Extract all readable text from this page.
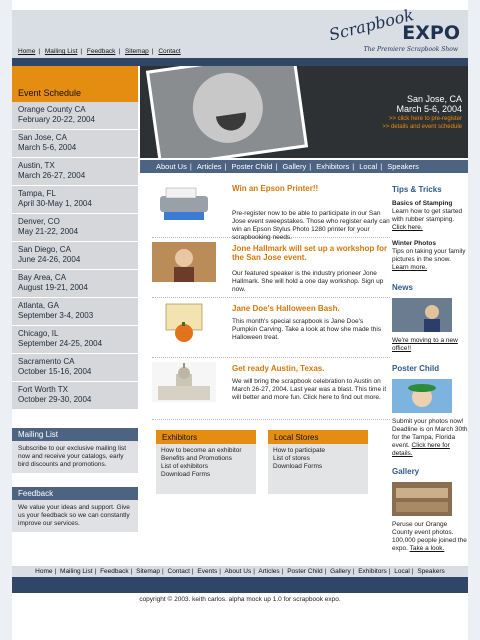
Home | Mailing List | Feedback | Sitemap | Contact
Scrapbook
EXPO
The Premiere Scrapbook Show
Event Schedule
Orange County CA
February 20-22, 2004
San Jose, CA
March 5-6, 2004
Austin, TX
March 26-27, 2004
Tampa, FL
April 30-May 1, 2004
Denver, CO
May 21-22, 2004
San Diego, CA
June 24-26, 2004
Bay Area, CA
August 19-21, 2004
Atlanta, GA
September 3-4, 2003
Chicago, IL
September 24-25, 2004
Sacramento CA
October 15-16, 2004
Fort Worth TX
October 29-30, 2004
Mailing List
Subscribe to our exclusive mailing list now and receive your catalogs, early bird discounts and promotions.
Feedback
We value your ideas and support. Give us your feedback so we can constantly improve our services.
San Jose, CA
March 5-6, 2004
>> click here to pre-register
>> details and event schedule
About Us | Articles | Poster Child | Gallery | Exhibitors | Local | Speakers
Win an Epson Printer!!

Pre-register now to be able to participate in our San Jose event sweepstakes. Those who register early can win an Epson Stylus Photo 1280 printer for your scrapbooking needs.

Jone Hallmark will set up a workshop for the San Jose event.

Our featured speaker is the industry prioneer Jone Hallmark. She will hold a one day workshop. Sign up now.

Jane Doe's Halloween Bash.

This month's special scrapbook is Jane Doe's Pumpkin Carving. Take a look at how she made this Halloween treat.

Get ready Austin, Texas.

We will bring the scrapbook celebration to Austin on March 26-27, 2004. Last year was a blast. This time it will better and more fun. Click here to find out more.

Exhibitors
How to become an exhibitor
Benefits and Promotions
List of exhibitors
Download Forms
Local Stores
How to participate
List of stores
Download Forms
Tips & Tricks
Basics of Stamping
Learn how to get started with rubber stamping. Click here.
Winter Photos
Tips on taking your family pictures in the snow. Learn more.
News
We're moving to a new office!!
Poster Child
Submit your photos now! Deadline is on March 30th for the Tampa, Florida event. Click here for details.
Gallery
Peruse our Orange County event photos. 100,000 people joined the expo. Take a look.
Home | Mailing List | Feedback | Sitemap | Contact | Events | About Us | Articles | Poster Child | Gallery | Exhibitors | Local | Speakers
copyright © 2003. keith carlos. alpha mock up 1.0 for scrapbook expo.
